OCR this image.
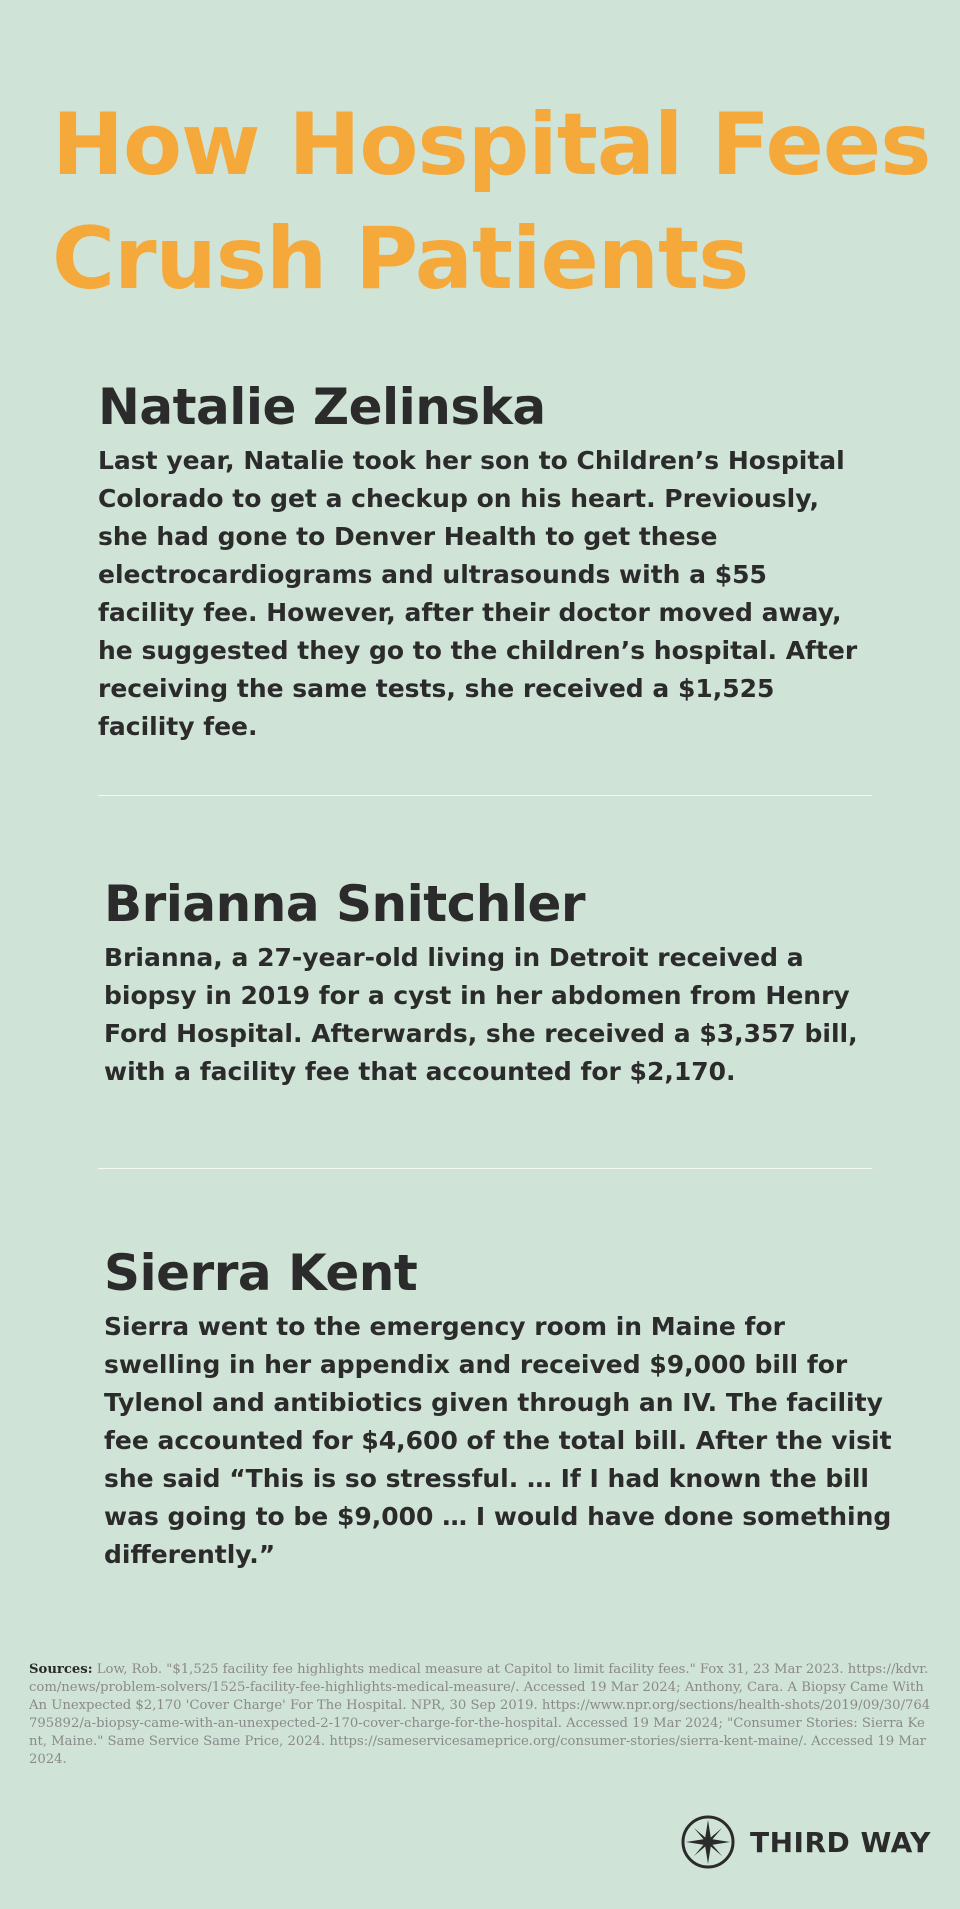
How Hospital Fees Crush Patients
Natalie Zelinska

Last year, Natalie took her son to Children’s Hospital Colorado to get a checkup on his heart. Previously, she had gone to Denver Health to get these electrocardiograms and ultrasounds with a $55 facility fee. However, after their doctor moved away, he suggested they go to the children’s hospital. After receiving the same tests, she received a $1,525 facility fee.

Brianna Snitchler

Brianna, a 27-year-old living in Detroit received a biopsy in 2019 for a cyst in her abdomen from Henry Ford Hospital. Afterwards, she received a $3,357 bill, with a facility fee that accounted for $2,170.

Sierra Kent

Sierra went to the emergency room in Maine for swelling in her appendix and received $9,000 bill for Tylenol and antibiotics given through an IV. The facility fee accounted for $4,600 of the total bill. After the visit she said “This is so stressful. … If I had known the bill was going to be $9,000 … I would have done something differently.”

Sources: Low, Rob. "$1,525 facility fee highlights medical measure at Capitol to limit facility fees." Fox 31, 23 Mar 2023. https://kdvr.com/news/problem-solvers/1525-facility-fee-highlights-medical-measure/. Accessed 19 Mar 2024; Anthony, Cara. A Biopsy Came With An Unexpected $2,170 'Cover Charge' For The Hospital. NPR, 30 Sep 2019. https://www.npr.org/sections/health-shots/2019/09/30/764795892/a-biopsy-came-with-an-unexpected-2-170-cover-charge-for-the-hospital. Accessed 19 Mar 2024; "Consumer Stories: Sierra Kent, Maine." Same Service Same Price, 2024. https://sameservicesameprice.org/consumer-stories/sierra-kent-maine/. Accessed 19 Mar 2024.

THIRD WAY
